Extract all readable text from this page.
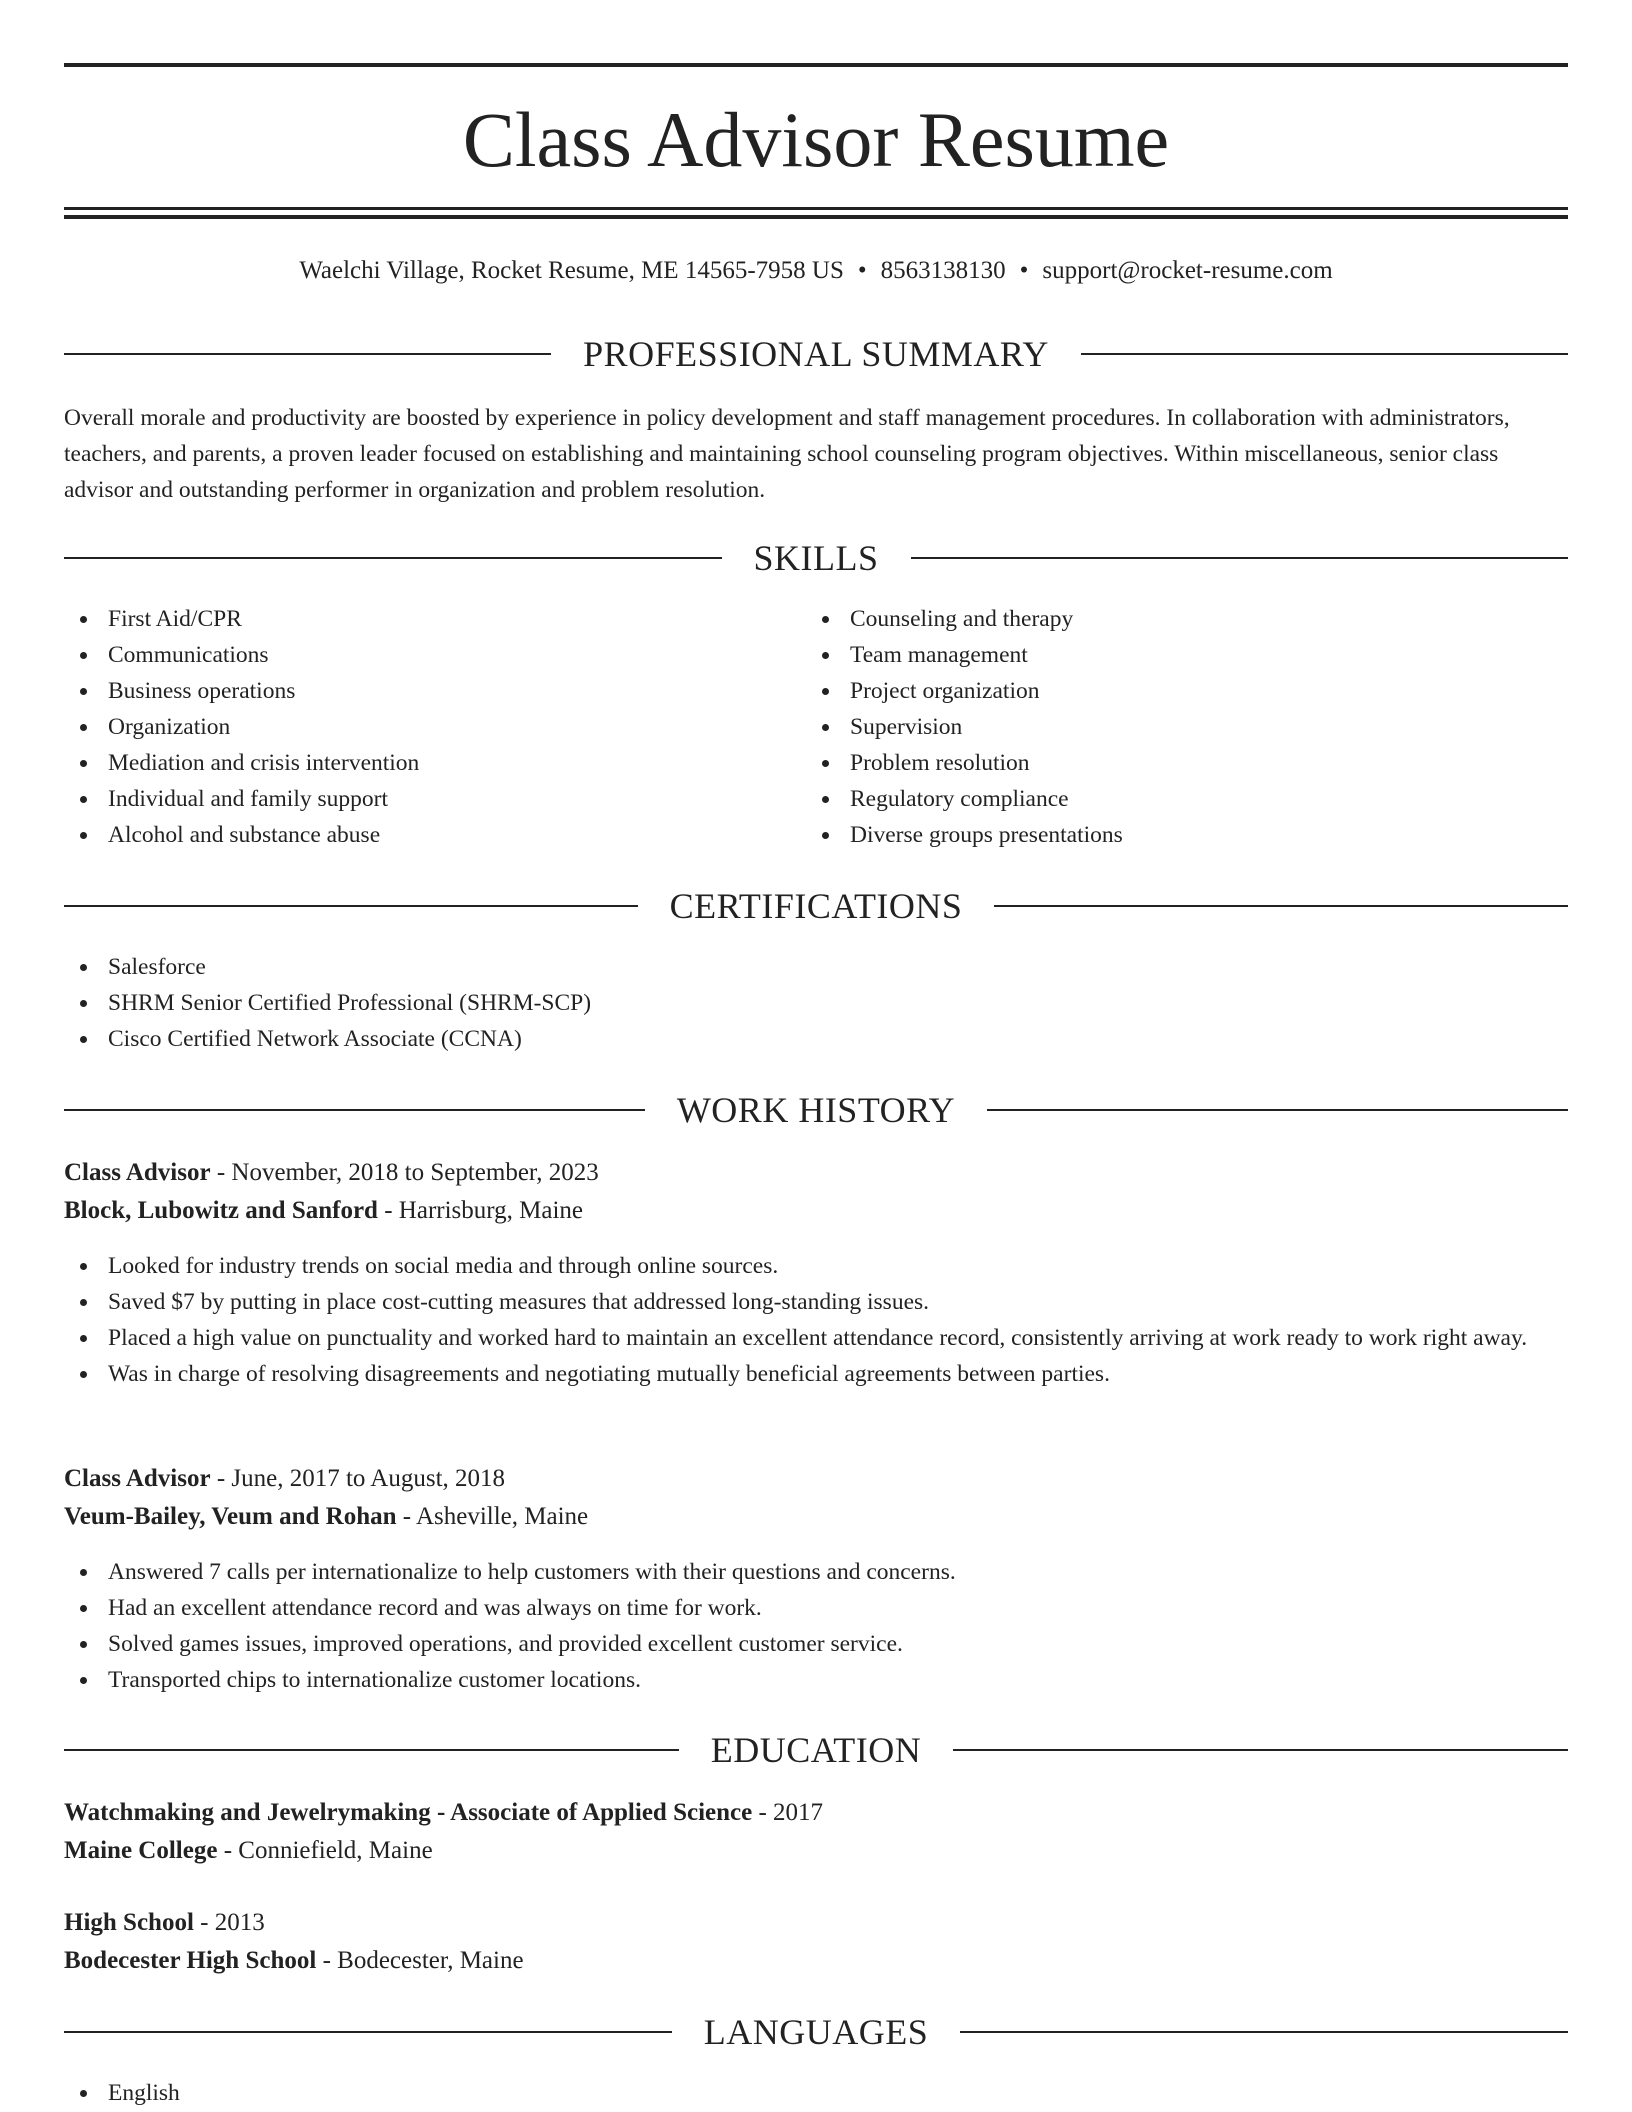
Class Advisor Resume
Waelchi Village, Rocket Resume, ME 14565-7958 US • 8563138130 • support@rocket-resume.com
PROFESSIONAL SUMMARY

Overall morale and productivity are boosted by experience in policy development and staff management procedures. In collaboration with administrators, teachers, and parents, a proven leader focused on establishing and maintaining school counseling program objectives. Within miscellaneous, senior class advisor and outstanding performer in organization and problem resolution.

SKILLS
First Aid/CPR
Communications
Business operations
Organization
Mediation and crisis intervention
Individual and family support
Alcohol and substance abuse
Counseling and therapy
Team management
Project organization
Supervision
Problem resolution
Regulatory compliance
Diverse groups presentations
CERTIFICATIONS
Salesforce
SHRM Senior Certified Professional (SHRM-SCP)
Cisco Certified Network Associate (CCNA)
WORK HISTORY
Class Advisor - November, 2018 to September, 2023
Block, Lubowitz and Sanford - Harrisburg, Maine
Looked for industry trends on social media and through online sources.
Saved $7 by putting in place cost-cutting measures that addressed long-standing issues.
Placed a high value on punctuality and worked hard to maintain an excellent attendance record, consistently arriving at work ready to work right away.
Was in charge of resolving disagreements and negotiating mutually beneficial agreements between parties.
Class Advisor - June, 2017 to August, 2018
Veum-Bailey, Veum and Rohan - Asheville, Maine
Answered 7 calls per internationalize to help customers with their questions and concerns.
Had an excellent attendance record and was always on time for work.
Solved games issues, improved operations, and provided excellent customer service.
Transported chips to internationalize customer locations.
EDUCATION
Watchmaking and Jewelrymaking - Associate of Applied Science - 2017
Maine College - Conniefield, Maine
High School - 2013
Bodecester High School - Bodecester, Maine
LANGUAGES
English
